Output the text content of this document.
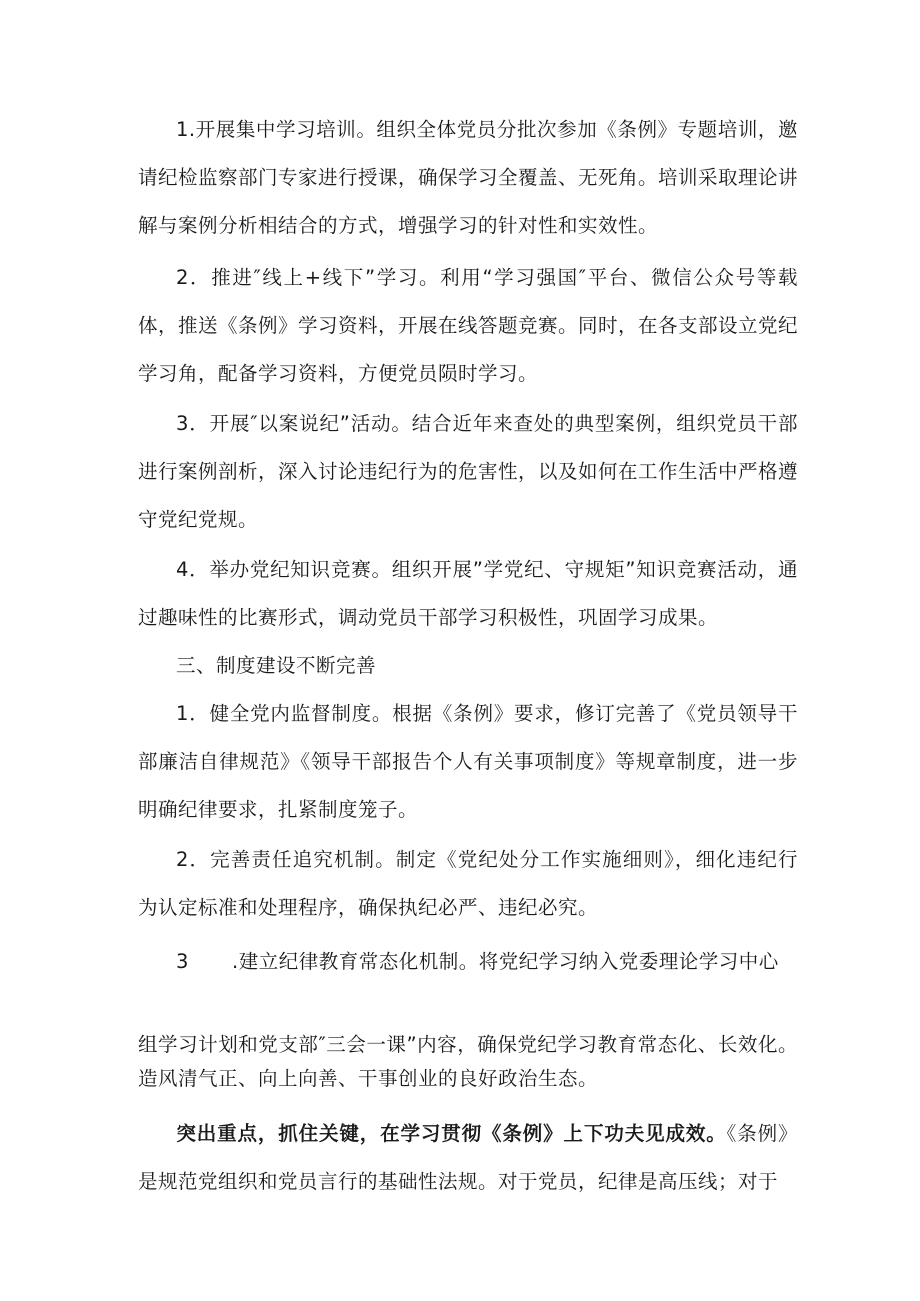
1.开展集中学习培训。组织全体党员分批次参加《条例》专题培训，邀请纪检监察部门专家进行授课，确保学习全覆盖、无死角。培训采取理论讲解与案例分析相结合的方式，增强学习的针对性和实效性。

2．推进″线上+线下”学习。利用“学习强国″平台、微信公众号等载体，推送《条例》学习资料，开展在线答题竞赛。同时，在各支部设立党纪学习角，配备学习资料，方便党员陨时学习。

3．开展″以案说纪”活动。结合近年来查处的典型案例，组织党员干部进行案例剖析，深入讨论违纪行为的危害性，以及如何在工作生活中严格遵守党纪党规。

4．举办党纪知识竞赛。组织开展”学党纪、守规矩”知识竞赛活动，通过趣味性的比赛形式，调动党员干部学习积极性，巩固学习成果。

三、制度建设不断完善

1．健全党内监督制度。根据《条例》要求，修订完善了《党员领导干部廉洁自律规范》《领导干部报告个人有关事项制度》等规章制度，进一步明确纪律要求，扎紧制度笼子。

2．完善责任追究机制。制定《党纪处分工作实施细则》，细化违纪行为认定标准和处理程序，确保执纪必严、违纪必究。

3 .建立纪律教育常态化机制。将党纪学习纳入党委理论学习中心

组学习计划和党支部″三会一课”内容，确保党纪学习教育常态化、长效化。造风清气正、向上向善、干事创业的良好政治生态。

突出重点，抓住关键，在学习贯彻《条例》上下功夫见成效。《条例》是规范党组织和党员言行的基础性法规。对于党员，纪律是高压线；对于
